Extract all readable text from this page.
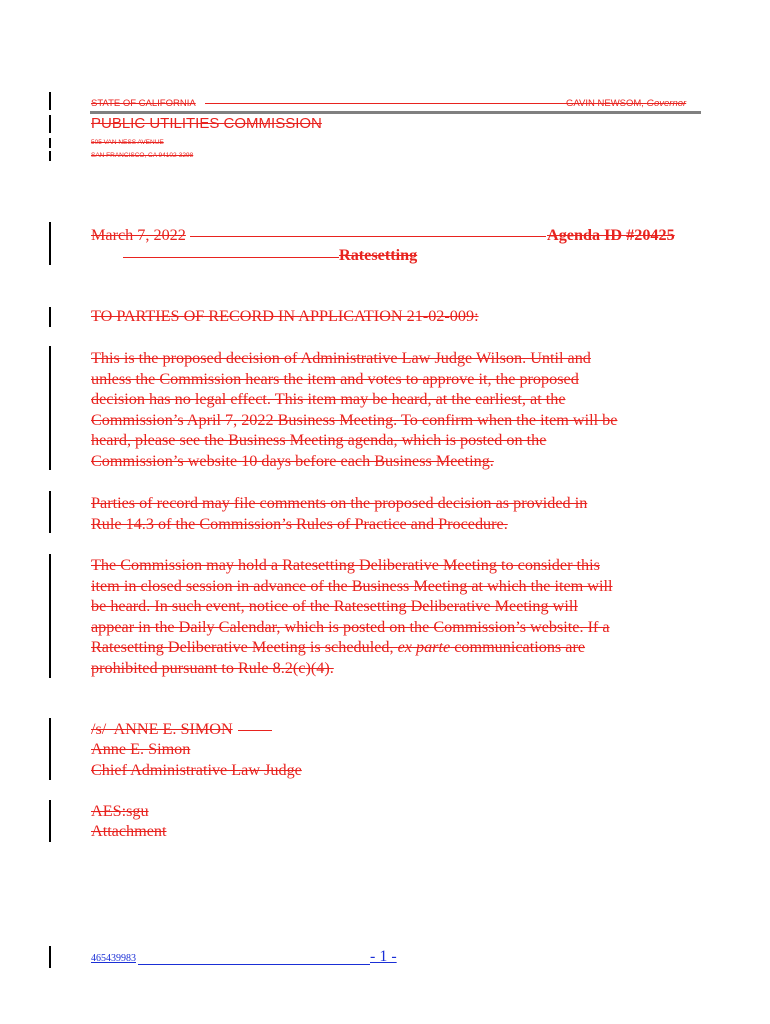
STATE OF CALIFORNIA	GAVIN NEWSOM, Governor
PUBLIC UTILITIES COMMISSION
505 VAN NESS AVENUE
SAN FRANCISCO, CA 94102-3298
March 7, 2022	Agenda ID #20425
Ratesetting
TO PARTIES OF RECORD IN APPLICATION 21-02-009:
This is the proposed decision of Administrative Law Judge Wilson. Until and
unless the Commission hears the item and votes to approve it, the proposed
decision has no legal effect. This item may be heard, at the earliest, at the
Commission’s April 7, 2022 Business Meeting. To confirm when the item will be
heard, please see the Business Meeting agenda, which is posted on the
Commission’s website 10 days before each Business Meeting.
Parties of record may file comments on the proposed decision as provided in
Rule 14.3 of the Commission’s Rules of Practice and Procedure.
The Commission may hold a Ratesetting Deliberative Meeting to consider this
item in closed session in advance of the Business Meeting at which the item will
be heard. In such event, notice of the Ratesetting Deliberative Meeting will
appear in the Daily Calendar, which is posted on the Commission’s website. If a
Ratesetting Deliberative Meeting is scheduled, ex parte communications are
prohibited pursuant to Rule 8.2(c)(4).
/s/  ANNE E. SIMON
Anne E. Simon
Chief Administrative Law Judge
AES:sgu
Attachment
465439983	- 1 -
